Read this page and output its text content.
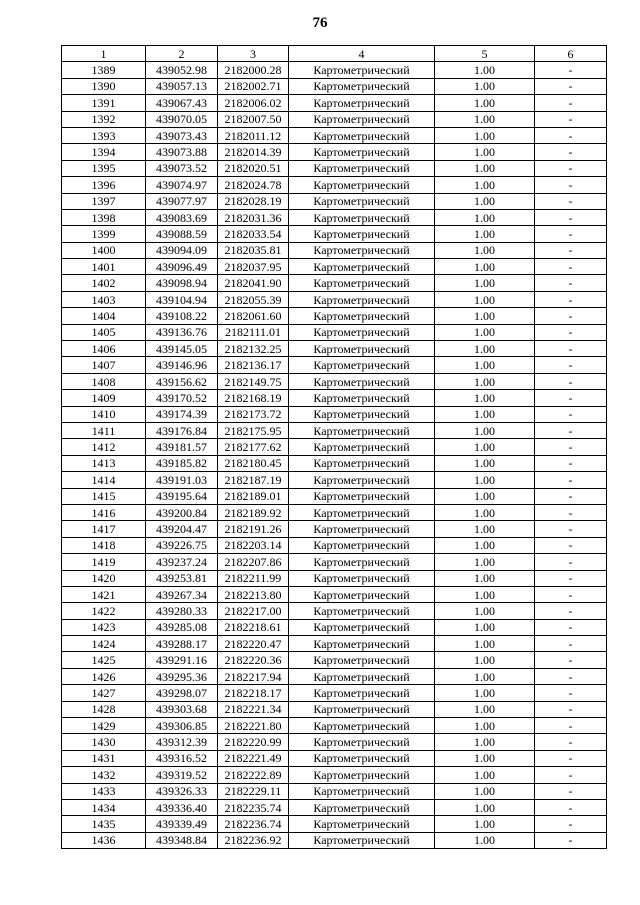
76
1	2	3	4	5	6
1389	439052.98	2182000.28	Картометрический	1.00	-
1390	439057.13	2182002.71	Картометрический	1.00	-
1391	439067.43	2182006.02	Картометрический	1.00	-
1392	439070.05	2182007.50	Картометрический	1.00	-
1393	439073.43	2182011.12	Картометрический	1.00	-
1394	439073.88	2182014.39	Картометрический	1.00	-
1395	439073.52	2182020.51	Картометрический	1.00	-
1396	439074.97	2182024.78	Картометрический	1.00	-
1397	439077.97	2182028.19	Картометрический	1.00	-
1398	439083.69	2182031.36	Картометрический	1.00	-
1399	439088.59	2182033.54	Картометрический	1.00	-
1400	439094.09	2182035.81	Картометрический	1.00	-
1401	439096.49	2182037.95	Картометрический	1.00	-
1402	439098.94	2182041.90	Картометрический	1.00	-
1403	439104.94	2182055.39	Картометрический	1.00	-
1404	439108.22	2182061.60	Картометрический	1.00	-
1405	439136.76	2182111.01	Картометрический	1.00	-
1406	439145.05	2182132.25	Картометрический	1.00	-
1407	439146.96	2182136.17	Картометрический	1.00	-
1408	439156.62	2182149.75	Картометрический	1.00	-
1409	439170.52	2182168.19	Картометрический	1.00	-
1410	439174.39	2182173.72	Картометрический	1.00	-
1411	439176.84	2182175.95	Картометрический	1.00	-
1412	439181.57	2182177.62	Картометрический	1.00	-
1413	439185.82	2182180.45	Картометрический	1.00	-
1414	439191.03	2182187.19	Картометрический	1.00	-
1415	439195.64	2182189.01	Картометрический	1.00	-
1416	439200.84	2182189.92	Картометрический	1.00	-
1417	439204.47	2182191.26	Картометрический	1.00	-
1418	439226.75	2182203.14	Картометрический	1.00	-
1419	439237.24	2182207.86	Картометрический	1.00	-
1420	439253.81	2182211.99	Картометрический	1.00	-
1421	439267.34	2182213.80	Картометрический	1.00	-
1422	439280.33	2182217.00	Картометрический	1.00	-
1423	439285.08	2182218.61	Картометрический	1.00	-
1424	439288.17	2182220.47	Картометрический	1.00	-
1425	439291.16	2182220.36	Картометрический	1.00	-
1426	439295.36	2182217.94	Картометрический	1.00	-
1427	439298.07	2182218.17	Картометрический	1.00	-
1428	439303.68	2182221.34	Картометрический	1.00	-
1429	439306.85	2182221.80	Картометрический	1.00	-
1430	439312.39	2182220.99	Картометрический	1.00	-
1431	439316.52	2182221.49	Картометрический	1.00	-
1432	439319.52	2182222.89	Картометрический	1.00	-
1433	439326.33	2182229.11	Картометрический	1.00	-
1434	439336.40	2182235.74	Картометрический	1.00	-
1435	439339.49	2182236.74	Картометрический	1.00	-
1436	439348.84	2182236.92	Картометрический	1.00	-
